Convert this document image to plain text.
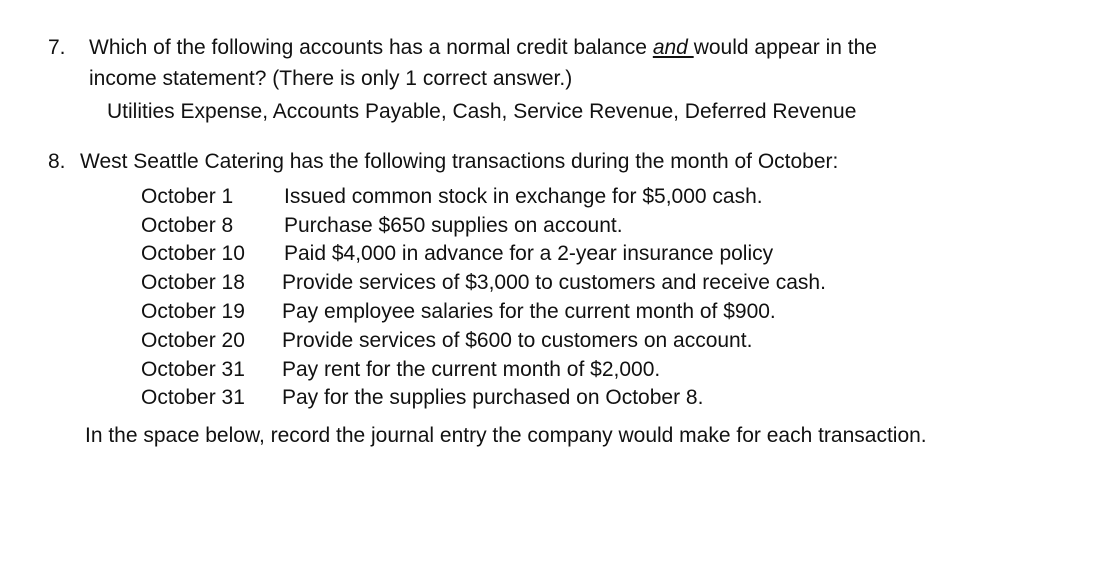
7. Which of the following accounts has a normal credit balance and would appear in the
income statement? (There is only 1 correct answer.)
Utilities Expense, Accounts Payable, Cash, Service Revenue, Deferred Revenue
8. West Seattle Catering has the following transactions during the month of October:
October 1 Issued common stock in exchange for $5,000 cash.
October 8 Purchase $650 supplies on account.
October 10 Paid $4,000 in advance for a 2-year insurance policy
October 18 Provide services of $3,000 to customers and receive cash.
October 19 Pay employee salaries for the current month of $900.
October 20 Provide services of $600 to customers on account.
October 31 Pay rent for the current month of $2,000.
October 31 Pay for the supplies purchased on October 8.
In the space below, record the journal entry the company would make for each transaction.
